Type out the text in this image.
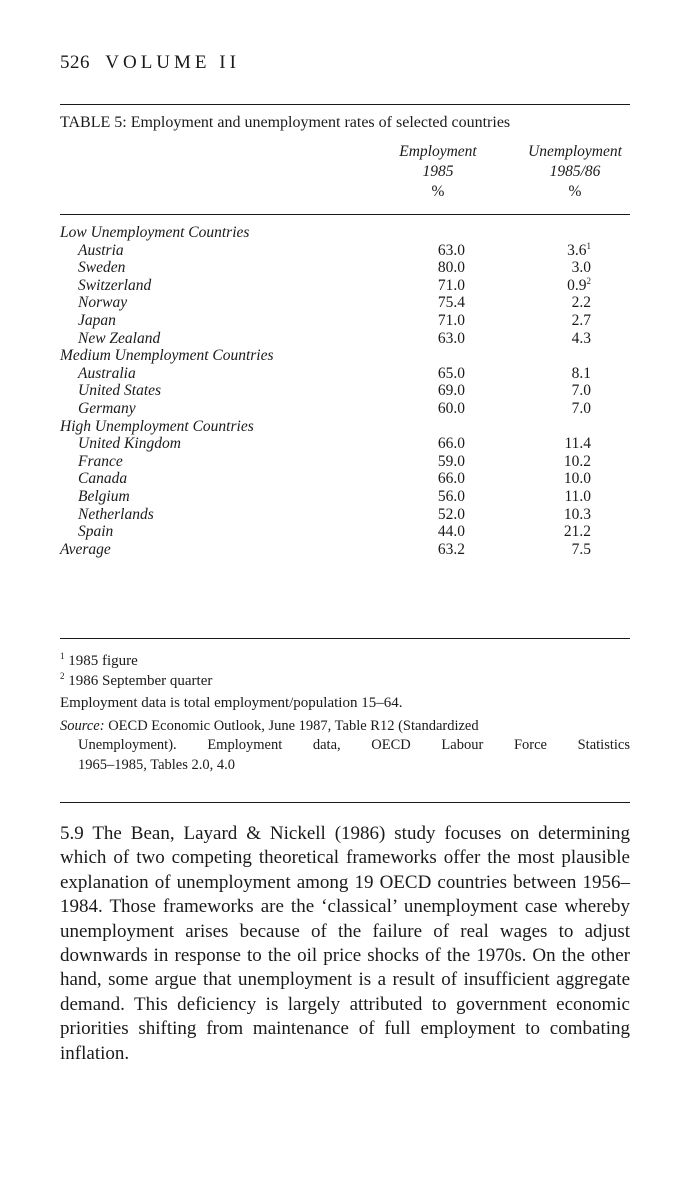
526 VOLUME II
TABLE 5: Employment and unemployment rates of selected countries
Employment
1985
%
Unemployment
1985/86
%
Low Unemployment Countries
Austria	63.0	$3.6^1$
Sweden	80.0	3.0
Switzerland	71.0	$0.9^2$
Norway	75.4	2.2
Japan	71.0	2.7
New Zealand	63.0	4.3
Medium Unemployment Countries
Australia	65.0	8.1
United States	69.0	7.0
Germany	60.0	7.0
High Unemployment Countries
United Kingdom	66.0	11.4
France	59.0	10.2
Canada	66.0	10.0
Belgium	56.0	11.0
Netherlands	52.0	10.3
Spain	44.0	21.2
Average	63.2	7.5
$^1$ 1985 figure
$^2$ 1986 September quarter
Employment data is total employment/population 15–64.
Source: OECD Economic Outlook, June 1987, Table R12 (Standardized
Unemployment). Employment data, OECD Labour Force Statistics
1965–1985, Tables 2.0, 4.0
5.9 The Bean, Layard & Nickell (1986) study focuses on determining which of two competing theoretical frameworks offer the most plausible explanation of unemployment among 19 OECD countries between 1956–1984. Those frameworks are the ‘classical’ unemployment case whereby unemployment arises because of the failure of real wages to adjust downwards in response to the oil price shocks of the 1970s. On the other hand, some argue that unemployment is a result of insufficient aggregate demand. This deficiency is largely attributed to government economic priorities shifting from maintenance of full employment to combating inflation.
